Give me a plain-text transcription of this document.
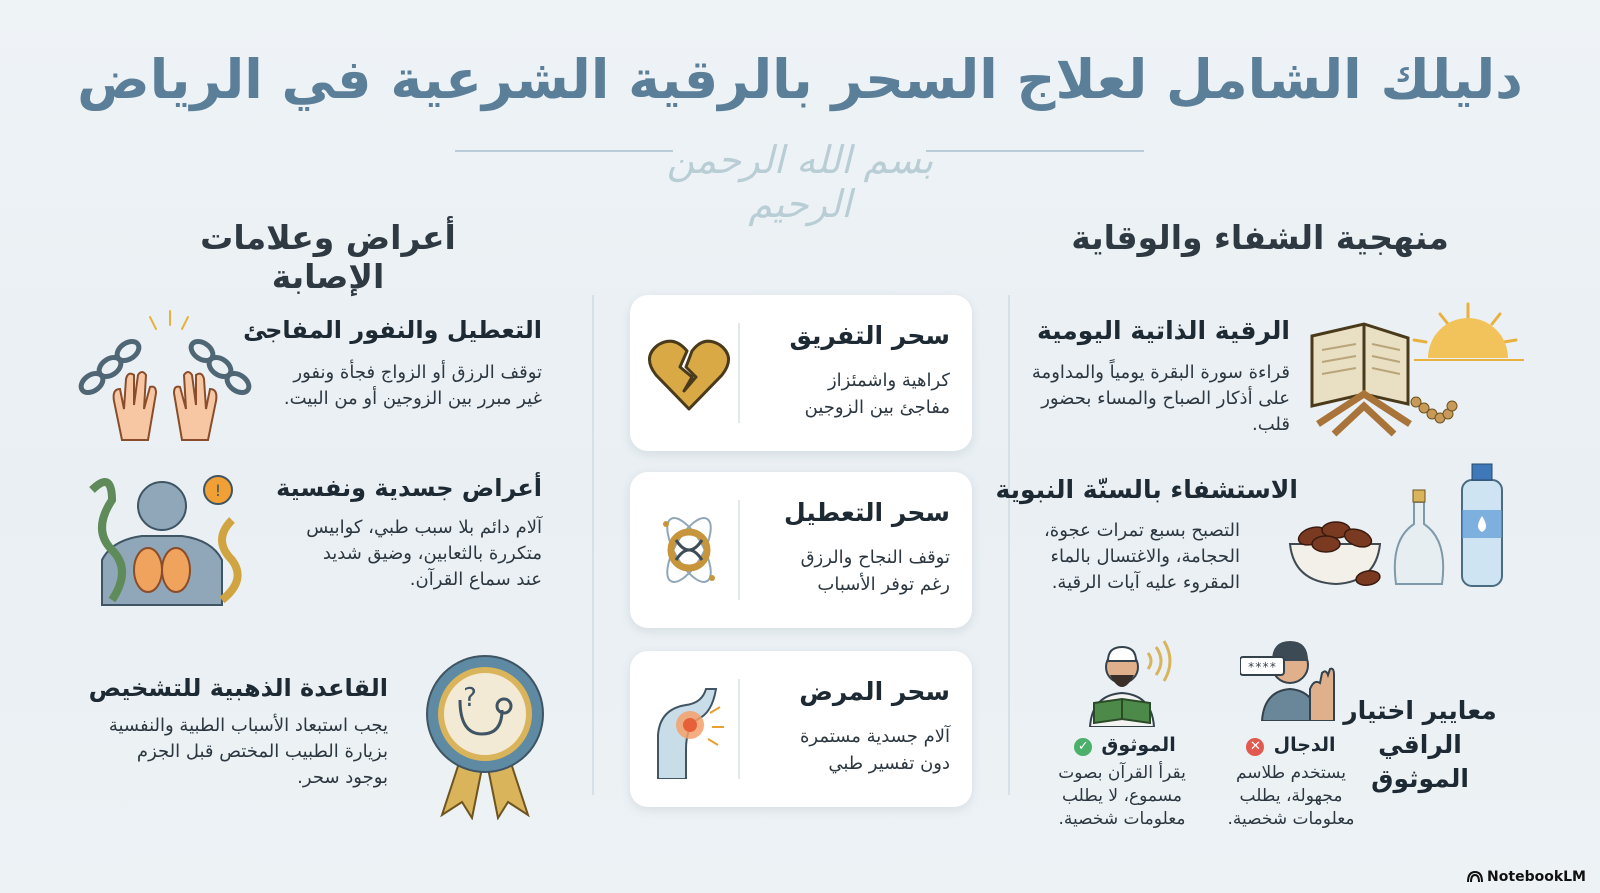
دليلك الشامل لعلاج السحر بالرقية الشرعية في الرياض
بسم الله الرحمن الرحيم
أعراض وعلامات الإصابة
منهجية الشفاء والوقاية
التعطيل والنفور المفاجئ
توقف الرزق أو الزواج فجأة ونفور
غير مبرر بين الزوجين أو من البيت.
! أعراض جسدية ونفسية
آلام دائم بلا سبب طبي، كوابيس
متكررة بالثعابين، وضيق شديد
عند سماع القرآن.
?
القاعدة الذهبية للتشخيص
يجب استبعاد الأسباب الطبية والنفسية
بزيارة الطبيب المختص قبل الجزم
بوجود سحر.
سحر التفريق
كراهية واشمئزاز
مفاجئ بين الزوجين
سحر التعطيل
توقف النجاح والرزق
رغم توفر الأسباب
سحر المرض
آلام جسدية مستمرة
دون تفسير طبي
الرقية الذاتية اليومية
قراءة سورة البقرة يومياً والمداومة
على أذكار الصباح والمساء بحضور
قلب.
الاستشفاء بالسنّة النبوية
التصبح بسبع تمرات عجوة،
الحجامة، والاغتسال بالماء
المقروء عليه آيات الرقية.
معايير اختيار
الراقي الموثوق
****
الدجال ✕
يستخدم طلاسم
مجهولة، يطلب
معلومات شخصية.
الموثوق ✓
يقرأ القرآن بصوت
مسموع، لا يطلب
معلومات شخصية.
NotebookLM
